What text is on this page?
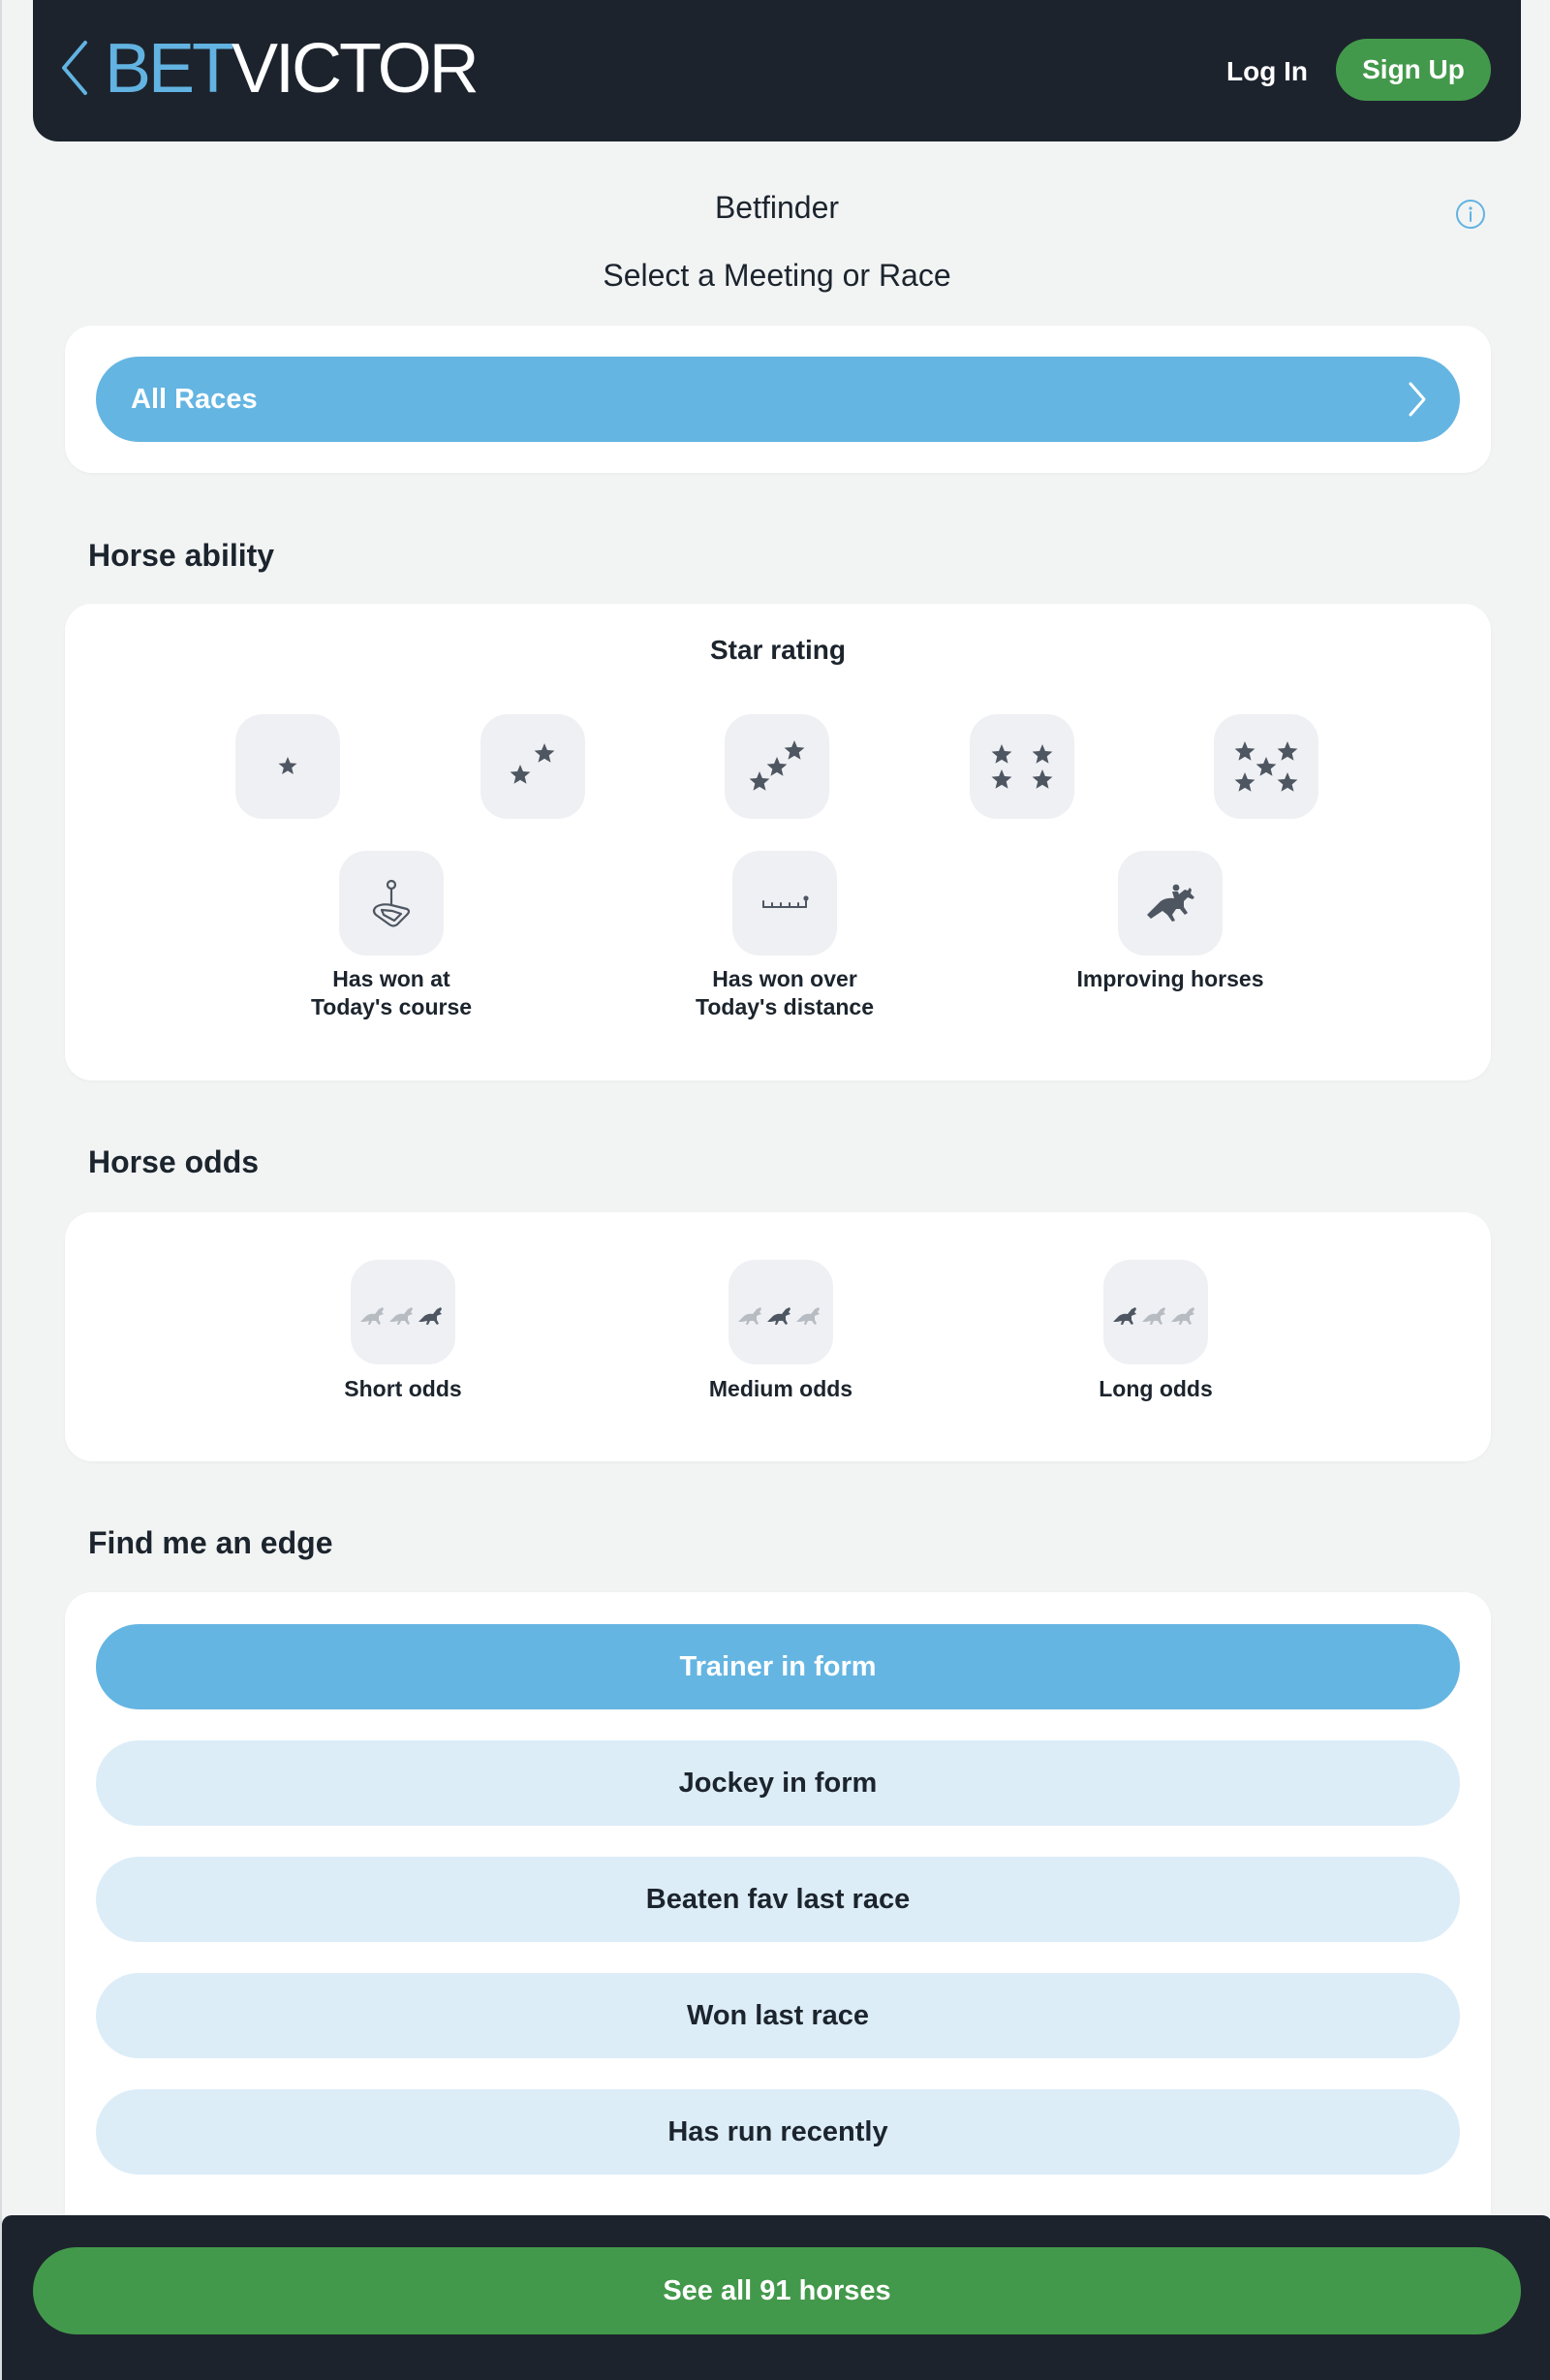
BETVICTOR	Log In	Sign Up
Betfinder
Select a Meeting or Race
All Races
Horse ability
Star rating
Has won at
Today's course
Has won over
Today's distance
Improving horses
Horse odds
Short odds	Medium odds	Long odds
Find me an edge
Trainer in form
Jockey in form
Beaten fav last race
Won last race
Has run recently
See all 91 horses
